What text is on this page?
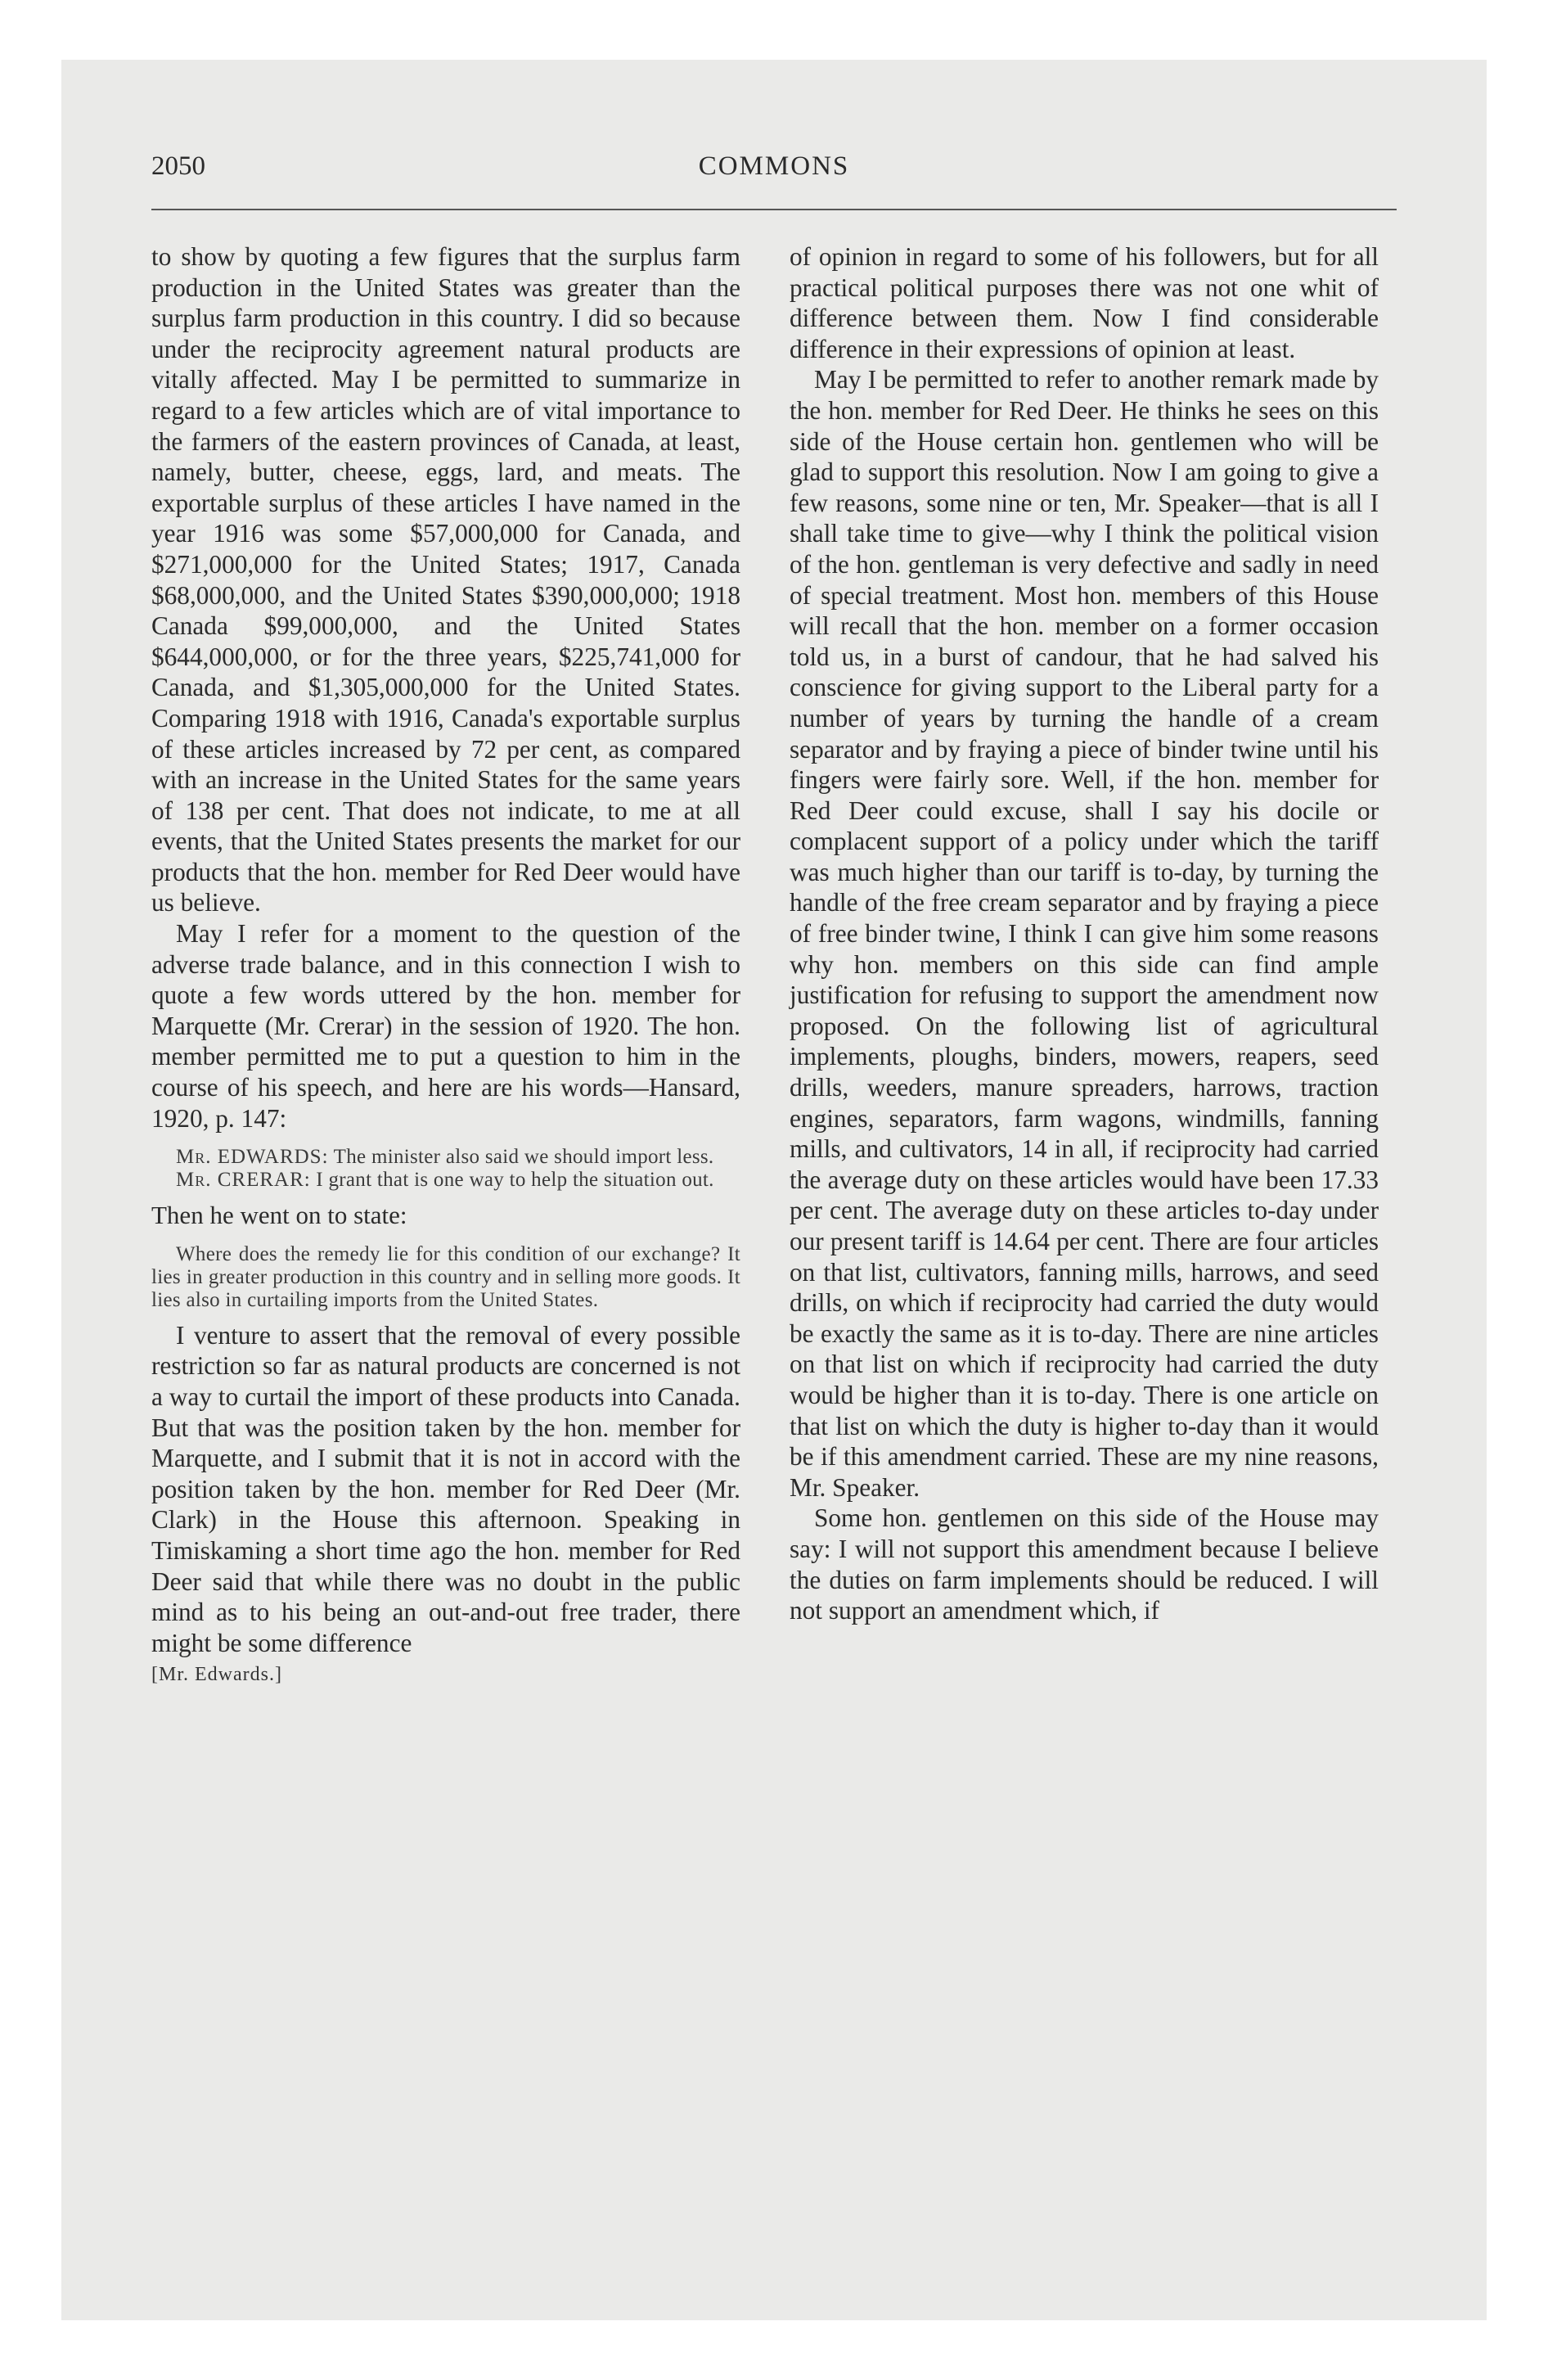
2050	COMMONS

to show by quoting a few figures that the surplus farm production in the United States was greater than the surplus farm production in this country. I did so because under the reciprocity agreement natural products are vitally affected. May I be permitted to summarize in regard to a few articles which are of vital importance to the farmers of the eastern provinces of Canada, at least, namely, butter, cheese, eggs, lard, and meats. The exportable surplus of these articles I have named in the year 1916 was some $57,000,000 for Canada, and $271,000,000 for the United States; 1917, Canada $68,000,000, and the United States $390,000,000; 1918 Canada $99,000,000, and the United States $644,000,000, or for the three years, $225,741,000 for Canada, and $1,305,000,000 for the United States. Comparing 1918 with 1916, Canada's exportable surplus of these articles increased by 72 per cent, as compared with an increase in the United States for the same years of 138 per cent. That does not indicate, to me at all events, that the United States presents the market for our products that the hon. member for Red Deer would have us believe.

May I refer for a moment to the question of the adverse trade balance, and in this connection I wish to quote a few words uttered by the hon. member for Marquette (Mr. Crerar) in the session of 1920. The hon. member permitted me to put a question to him in the course of his speech, and here are his words—Hansard, 1920, p. 147:

Mr. EDWARDS: The minister also said we should import less.

Mr. CRERAR: I grant that is one way to help the situation out.

Then he went on to state:

Where does the remedy lie for this condition of our exchange? It lies in greater production in this country and in selling more goods. It lies also in curtailing imports from the United States.

I venture to assert that the removal of every possible restriction so far as natural products are concerned is not a way to curtail the import of these products into Canada. But that was the position taken by the hon. member for Marquette, and I submit that it is not in accord with the position taken by the hon. member for Red Deer (Mr. Clark) in the House this afternoon. Speaking in Timiskaming a short time ago the hon. member for Red Deer said that while there was no doubt in the public mind as to his being an out-and-out free trader, there might be some difference

[Mr. Edwards.]

of opinion in regard to some of his followers, but for all practical political purposes there was not one whit of difference between them. Now I find considerable difference in their expressions of opinion at least.

May I be permitted to refer to another remark made by the hon. member for Red Deer. He thinks he sees on this side of the House certain hon. gentlemen who will be glad to support this resolution. Now I am going to give a few reasons, some nine or ten, Mr. Speaker—that is all I shall take time to give—why I think the political vision of the hon. gentleman is very defective and sadly in need of special treatment. Most hon. members of this House will recall that the hon. member on a former occasion told us, in a burst of candour, that he had salved his conscience for giving support to the Liberal party for a number of years by turning the handle of a cream separator and by fraying a piece of binder twine until his fingers were fairly sore. Well, if the hon. member for Red Deer could excuse, shall I say his docile or complacent support of a policy under which the tariff was much higher than our tariff is to-day, by turning the handle of the free cream separator and by fraying a piece of free binder twine, I think I can give him some reasons why hon. members on this side can find ample justification for refusing to support the amendment now proposed. On the following list of agricultural implements, ploughs, binders, mowers, reapers, seed drills, weeders, manure spreaders, harrows, traction engines, separators, farm wagons, windmills, fanning mills, and cultivators, 14 in all, if reciprocity had carried the average duty on these articles would have been 17.33 per cent. The average duty on these articles to-day under our present tariff is 14.64 per cent. There are four articles on that list, cultivators, fanning mills, harrows, and seed drills, on which if reciprocity had carried the duty would be exactly the same as it is to-day. There are nine articles on that list on which if reciprocity had carried the duty would be higher than it is to-day. There is one article on that list on which the duty is higher to-day than it would be if this amendment carried. These are my nine reasons, Mr. Speaker.

Some hon. gentlemen on this side of the House may say: I will not support this amendment because I believe the duties on farm implements should be reduced. I will not support an amendment which, if
